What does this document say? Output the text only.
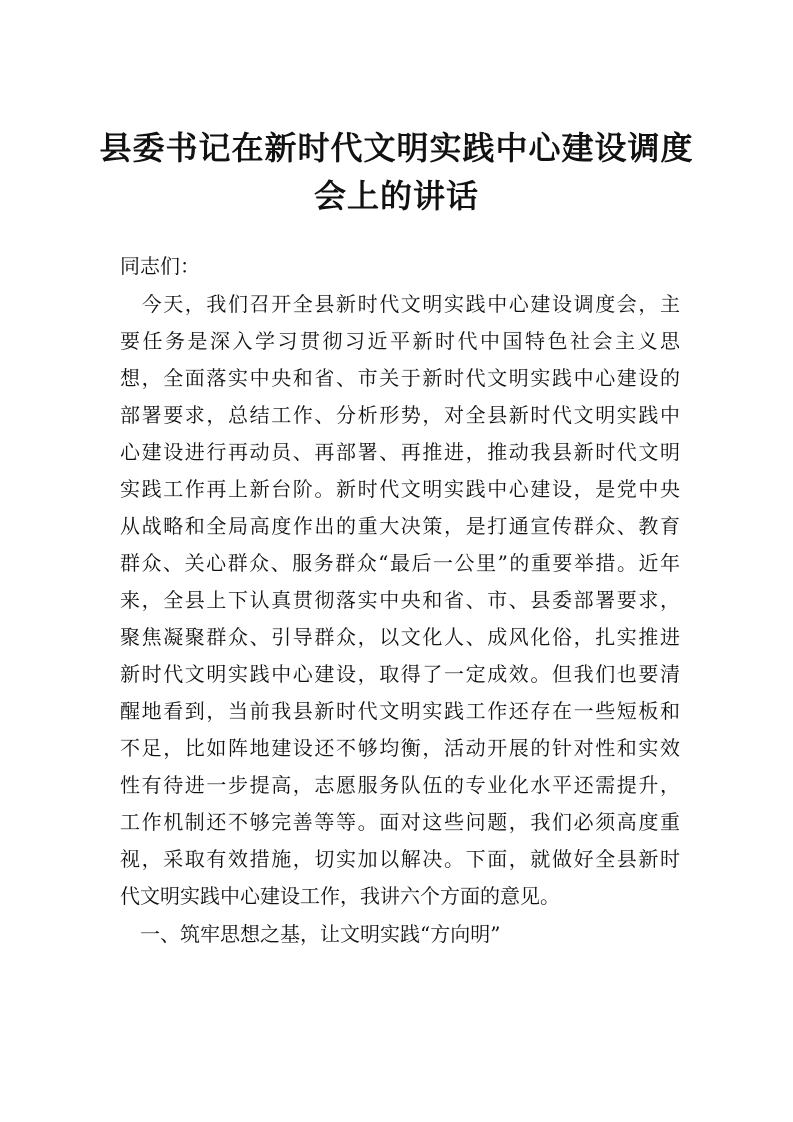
县委书记在新时代文明实践中心建设调度
会上的讲话
同志们：
　今天，我们召开全县新时代文明实践中心建设调度会，主
要任务是深入学习贯彻习近平新时代中国特色社会主义思
想，全面落实中央和省、市关于新时代文明实践中心建设的
部署要求，总结工作、分析形势，对全县新时代文明实践中
心建设进行再动员、再部署、再推进，推动我县新时代文明
实践工作再上新台阶。新时代文明实践中心建设，是党中央
从战略和全局高度作出的重大决策，是打通宣传群众、教育
群众、关心群众、服务群众“最后一公里”的重要举措。近年
来，全县上下认真贯彻落实中央和省、市、县委部署要求，
聚焦凝聚群众、引导群众，以文化人、成风化俗，扎实推进
新时代文明实践中心建设，取得了一定成效。但我们也要清
醒地看到，当前我县新时代文明实践工作还存在一些短板和
不足，比如阵地建设还不够均衡，活动开展的针对性和实效
性有待进一步提高，志愿服务队伍的专业化水平还需提升，
工作机制还不够完善等等。面对这些问题，我们必须高度重
视，采取有效措施，切实加以解决。下面，就做好全县新时
代文明实践中心建设工作，我讲六个方面的意见。
　一、筑牢思想之基，让文明实践“方向明”
